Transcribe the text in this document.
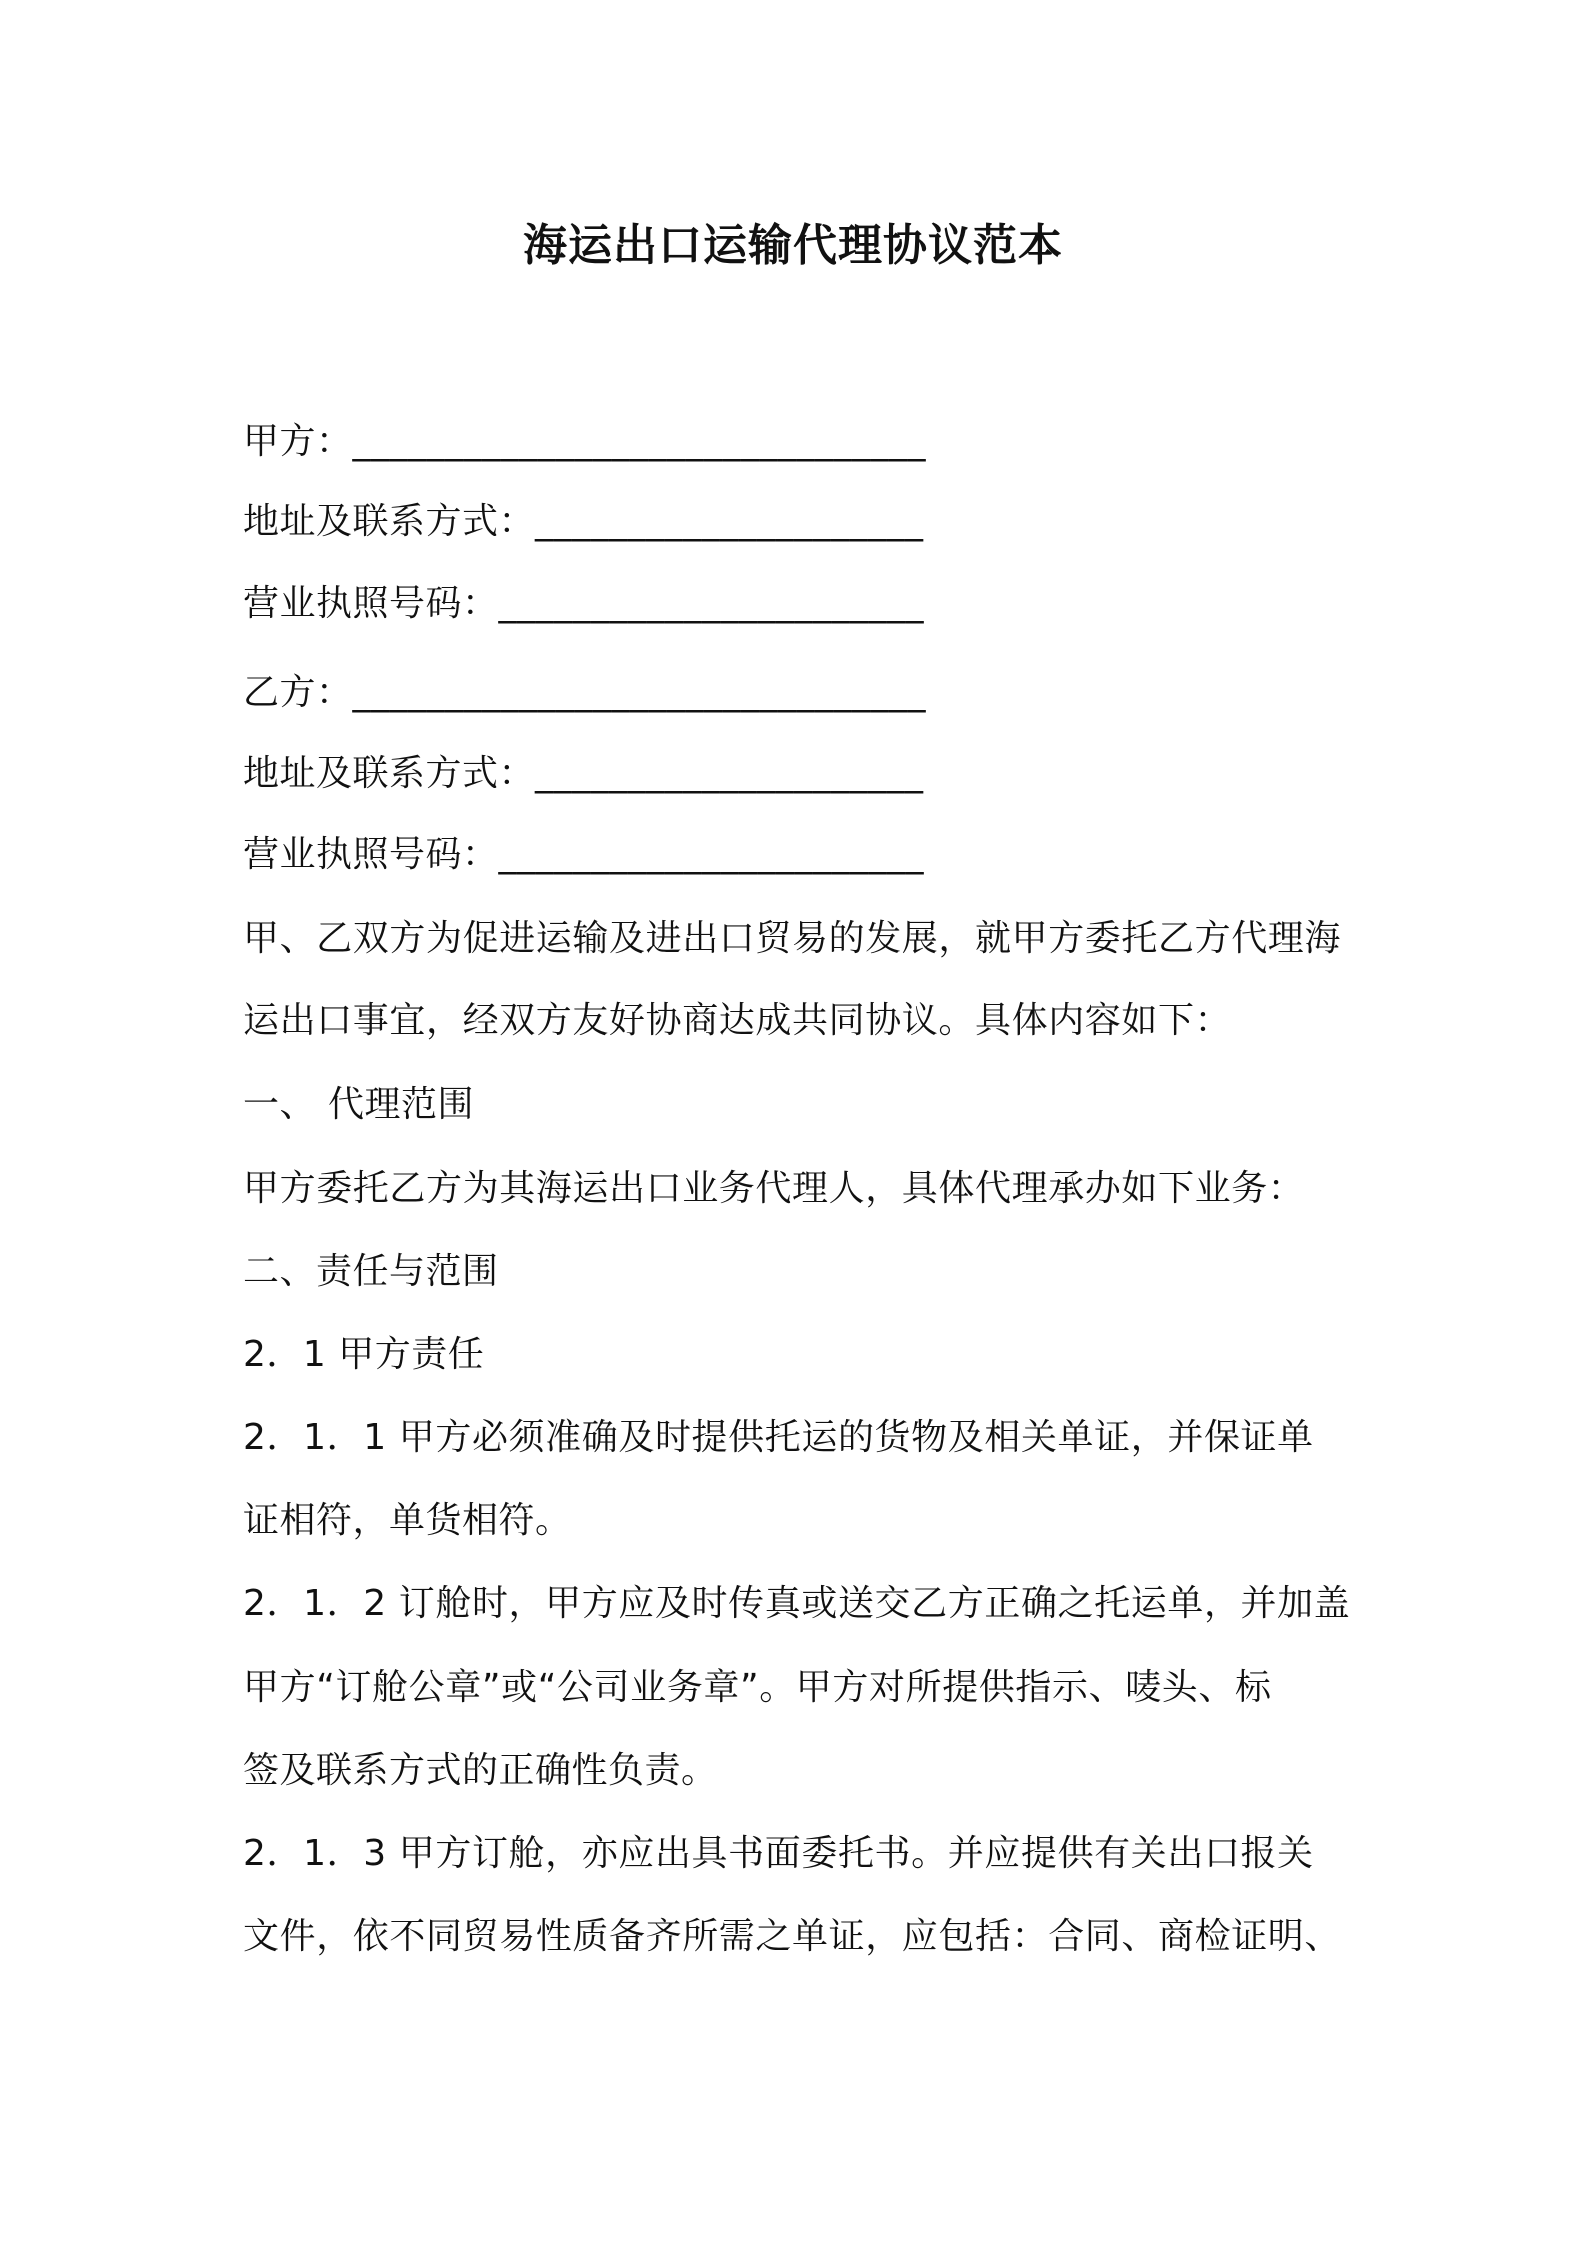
海运出口运输代理协议范本
甲方：_______________________________
地址及联系方式：_____________________
营业执照号码：_______________________
乙方：_______________________________
地址及联系方式：_____________________
营业执照号码：_______________________
甲、乙双方为促进运输及进出口贸易的发展，就甲方委托乙方代理海
运出口事宜，经双方友好协商达成共同协议。具体内容如下：
一、 代理范围
甲方委托乙方为其海运出口业务代理人，具体代理承办如下业务：
二、责任与范围
2．1 甲方责任
2．1．1 甲方必须准确及时提供托运的货物及相关单证，并保证单
证相符，单货相符。
2．1．2 订舱时，甲方应及时传真或送交乙方正确之托运单，并加盖
甲方“订舱公章”或“公司业务章”。甲方对所提供指示、唛头、标
签及联系方式的正确性负责。
2．1．3 甲方订舱，亦应出具书面委托书。并应提供有关出口报关
文件，依不同贸易性质备齐所需之单证，应包括：合同、商检证明、
